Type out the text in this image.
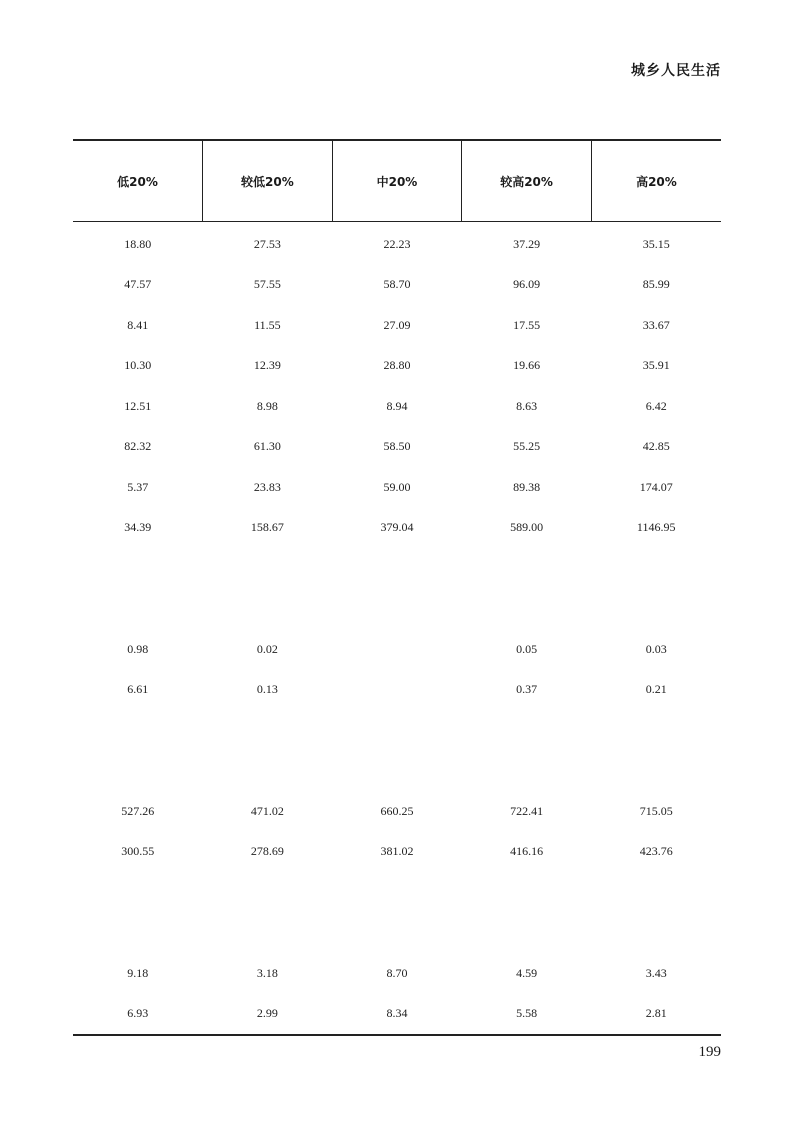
城乡人民生活
低20%	较低20%	中20%	较高20%	高20%
18.80	27.53	22.23	37.29	35.15
47.57	57.55	58.70	96.09	85.99
8.41	11.55	27.09	17.55	33.67
10.30	12.39	28.80	19.66	35.91
12.51	8.98	8.94	8.63	6.42
82.32	61.30	58.50	55.25	42.85
5.37	23.83	59.00	89.38	174.07
34.39	158.67	379.04	589.00	1146.95

0.98	0.02		0.05	0.03
6.61	0.13		0.37	0.21

527.26	471.02	660.25	722.41	715.05
300.55	278.69	381.02	416.16	423.76

9.18	3.18	8.70	4.59	3.43
6.93	2.99	8.34	5.58	2.81
199
